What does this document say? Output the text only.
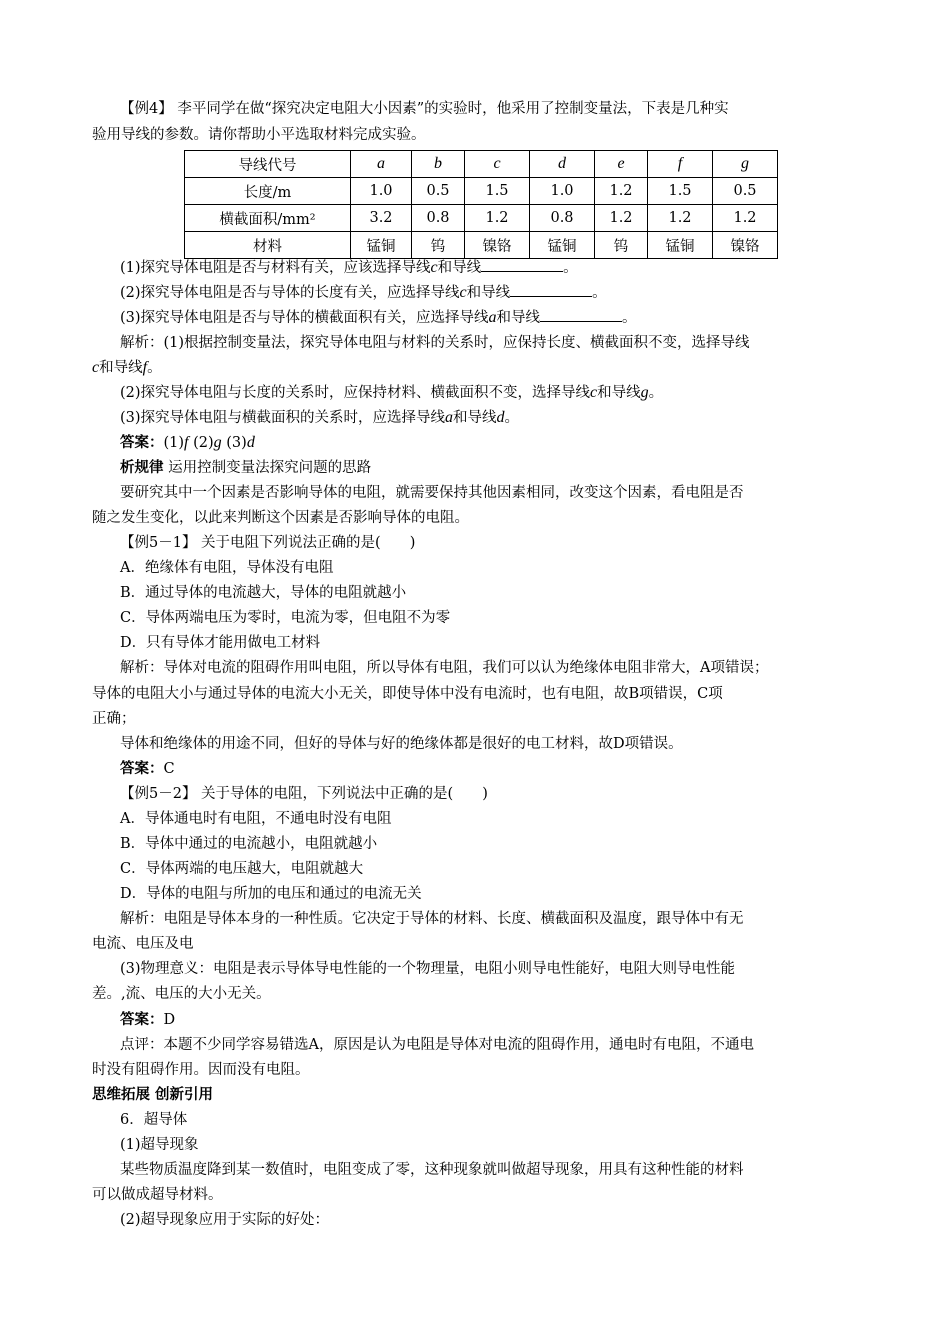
【例4】 李平同学在做“探究决定电阻大小因素”的实验时，他采用了控制变量法，下表是几种实
验用导线的参数。请你帮助小平选取材料完成实验。
导线代号	a	b	c	d	e	f	g
长度/m	1.0	0.5	1.5	1.0	1.2	1.5	0.5
横截面积/mm²	3.2	0.8	1.2	0.8	1.2	1.2	1.2
材料	锰铜	钨	镍铬	锰铜	钨	锰铜	镍铬
(1)探究导体电阻是否与材料有关，应该选择导线c和导线	。
(2)探究导体电阻是否与导体的长度有关，应选择导线c和导线	。
(3)探究导体电阻是否与导体的横截面积有关，应选择导线a和导线	。
解析：(1)根据控制变量法，探究导体电阻与材料的关系时，应保持长度、横截面积不变，选择导线
c和导线f。
(2)探究导体电阻与长度的关系时，应保持材料、横截面积不变，选择导线c和导线g。
(3)探究导体电阻与横截面积的关系时，应选择导线a和导线d。
答案：(1)f (2)g (3)d
析规律 运用控制变量法探究问题的思路
要研究其中一个因素是否影响导体的电阻，就需要保持其他因素相同，改变这个因素，看电阻是否
随之发生变化，以此来判断这个因素是否影响导体的电阻。
【例5－1】 关于电阻下列说法正确的是(　　)
A．绝缘体有电阻，导体没有电阻
B．通过导体的电流越大，导体的电阻就越小
C．导体两端电压为零时，电流为零，但电阻不为零
D．只有导体才能用做电工材料
解析：导体对电流的阻碍作用叫电阻，所以导体有电阻，我们可以认为绝缘体电阻非常大，A项错误；
导体的电阻大小与通过导体的电流大小无关，即使导体中没有电流时，也有电阻，故B项错误，C项
正确；
导体和绝缘体的用途不同，但好的导体与好的绝缘体都是很好的电工材料，故D项错误。
答案：C
【例5－2】 关于导体的电阻，下列说法中正确的是(　　)
A．导体通电时有电阻，不通电时没有电阻
B．导体中通过的电流越小，电阻就越小
C．导体两端的电压越大，电阻就越大
D．导体的电阻与所加的电压和通过的电流无关
解析：电阻是导体本身的一种性质。它决定于导体的材料、长度、横截面积及温度，跟导体中有无
电流、电压及电
(3)物理意义：电阻是表示导体导电性能的一个物理量，电阻小则导电性能好，电阻大则导电性能
差。,流、电压的大小无关。
答案：D
点评：本题不少同学容易错选A，原因是认为电阻是导体对电流的阻碍作用，通电时有电阻，不通电
时没有阻碍作用。因而没有电阻。
思维拓展 创新引用
6．超导体
(1)超导现象
某些物质温度降到某一数值时，电阻变成了零，这种现象就叫做超导现象，用具有这种性能的材料
可以做成超导材料。
(2)超导现象应用于实际的好处：
